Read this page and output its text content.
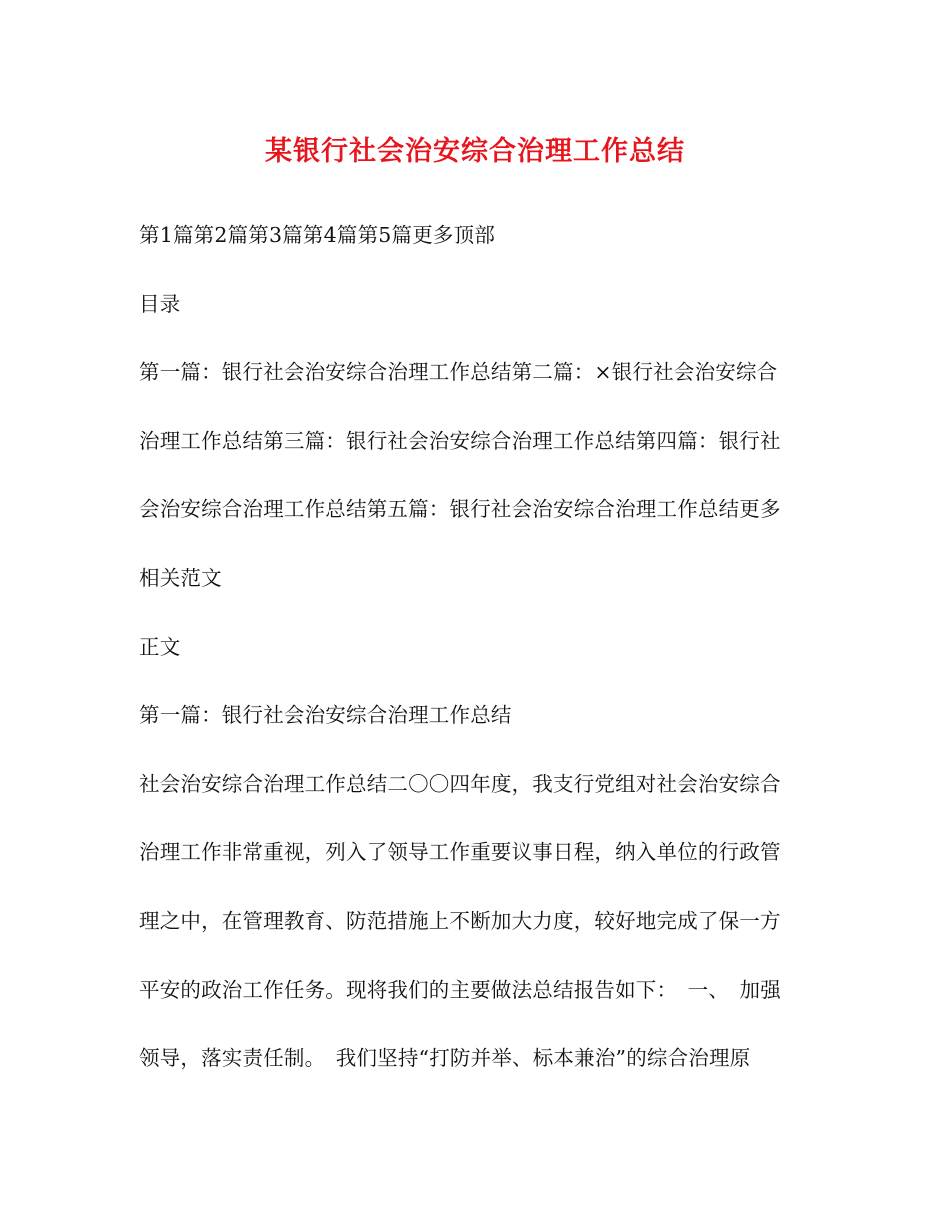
某银行社会治安综合治理工作总结
第1篇第2篇第3篇第4篇第5篇更多顶部
目录
第一篇：银行社会治安综合治理工作总结第二篇：×银行社会治安综合
治理工作总结第三篇：银行社会治安综合治理工作总结第四篇：银行社
会治安综合治理工作总结第五篇：银行社会治安综合治理工作总结更多
相关范文
正文
第一篇：银行社会治安综合治理工作总结
社会治安综合治理工作总结二〇〇四年度，我支行党组对社会治安综合
治理工作非常重视，列入了领导工作重要议事日程，纳入单位的行政管
理之中，在管理教育、防范措施上不断加大力度，较好地完成了保一方
平安的政治工作任务。现将我们的主要做法总结报告如下：　一、　加强
领导，落实责任制。　我们坚持“打防并举、标本兼治”的综合治理原
